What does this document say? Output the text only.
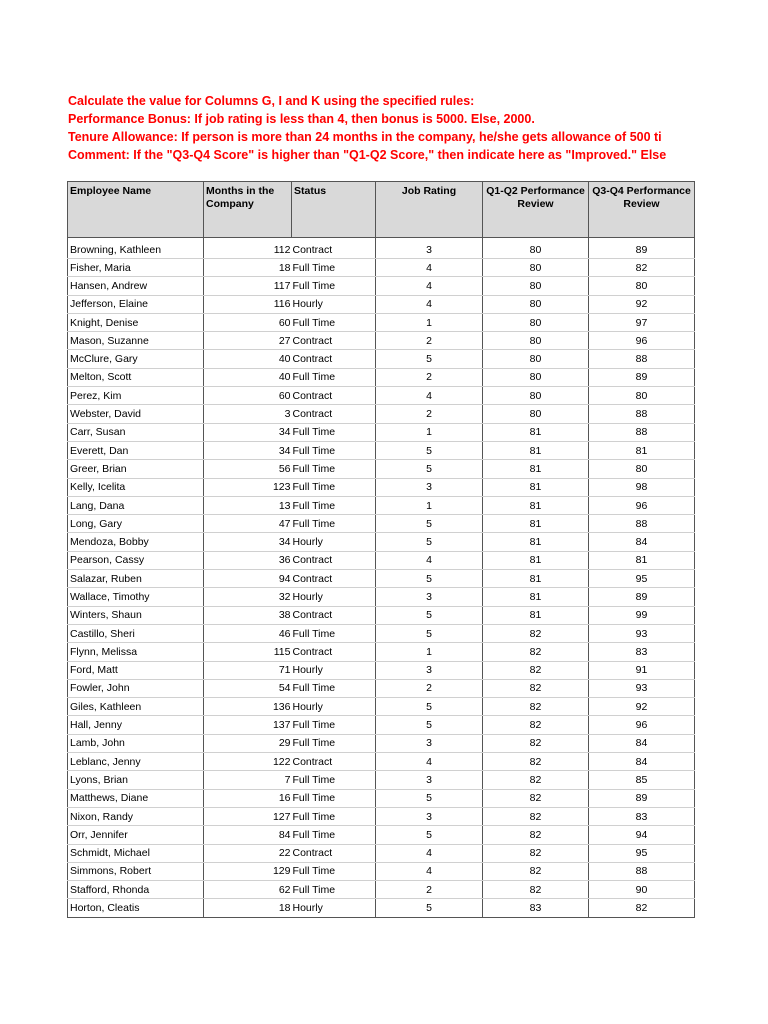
Calculate the value for Columns G, I and K using the specified rules:
Performance Bonus: If job rating is less than 4, then bonus is 5000. Else, 2000.
Tenure Allowance: If person is more than 24 months in the company, he/she gets allowance of 500 ti
Comment: If the "Q3-Q4 Score" is higher than "Q1-Q2 Score," then indicate here as "Improved." Else
Employee Name	Months in the Company	Status	Job Rating	Q1-Q2 Performance Review	Q3-Q4 Performance Review
Browning, Kathleen	112	Contract	3	80	89
Fisher, Maria	18	Full Time	4	80	82
Hansen, Andrew	117	Full Time	4	80	80
Jefferson, Elaine	116	Hourly	4	80	92
Knight, Denise	60	Full Time	1	80	97
Mason, Suzanne	27	Contract	2	80	96
McClure, Gary	40	Contract	5	80	88
Melton, Scott	40	Full Time	2	80	89
Perez, Kim	60	Contract	4	80	80
Webster, David	3	Contract	2	80	88
Carr, Susan	34	Full Time	1	81	88
Everett, Dan	34	Full Time	5	81	81
Greer, Brian	56	Full Time	5	81	80
Kelly, Icelita	123	Full Time	3	81	98
Lang, Dana	13	Full Time	1	81	96
Long, Gary	47	Full Time	5	81	88
Mendoza, Bobby	34	Hourly	5	81	84
Pearson, Cassy	36	Contract	4	81	81
Salazar, Ruben	94	Contract	5	81	95
Wallace, Timothy	32	Hourly	3	81	89
Winters, Shaun	38	Contract	5	81	99
Castillo, Sheri	46	Full Time	5	82	93
Flynn, Melissa	115	Contract	1	82	83
Ford, Matt	71	Hourly	3	82	91
Fowler, John	54	Full Time	2	82	93
Giles, Kathleen	136	Hourly	5	82	92
Hall, Jenny	137	Full Time	5	82	96
Lamb, John	29	Full Time	3	82	84
Leblanc, Jenny	122	Contract	4	82	84
Lyons, Brian	7	Full Time	3	82	85
Matthews, Diane	16	Full Time	5	82	89
Nixon, Randy	127	Full Time	3	82	83
Orr, Jennifer	84	Full Time	5	82	94
Schmidt, Michael	22	Contract	4	82	95
Simmons, Robert	129	Full Time	4	82	88
Stafford, Rhonda	62	Full Time	2	82	90
Horton, Cleatis	18	Hourly	5	83	82
